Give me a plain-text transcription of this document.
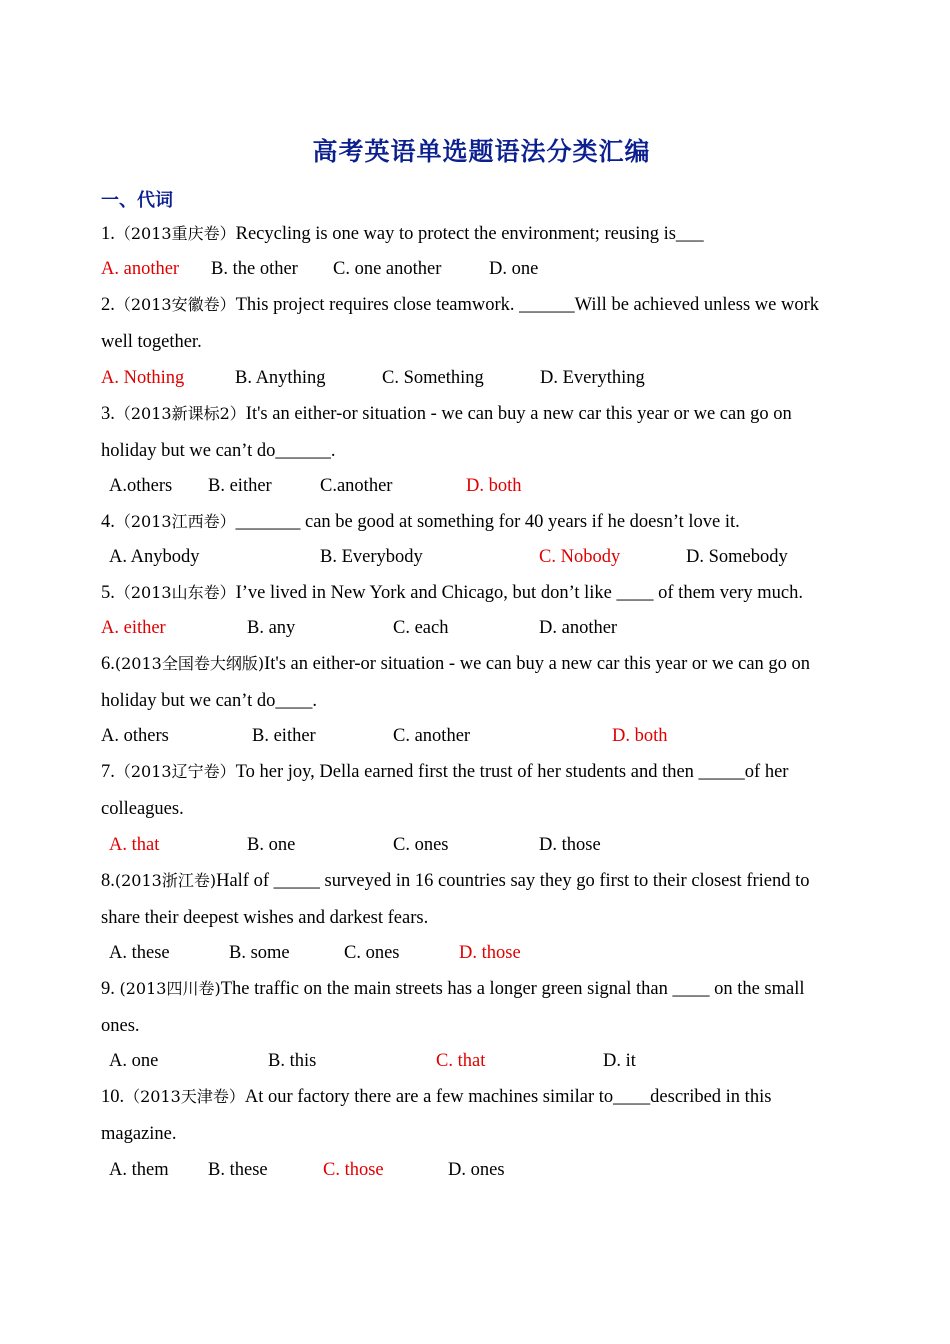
高考英语单选题语法分类汇编
一、代词
1.（2013重庆卷）Recycling is one way to protect the environment; reusing is___
A. another B. the other C. one another	D. one
2.（2013安徽卷）This project requires close teamwork. ______Will be achieved unless we work
well together.
A. Nothing	B. Anything	C. Something	D. Everything
3.（2013新课标2）It's an either-or situation - we can buy a new car this year or we can go on
holiday but we can’t do______.
A.others B. either	C.another	D. both
4.（2013江西卷）_______ can be good at something for 40 years if he doesn’t love it.
A. Anybody	B. Everybody	C. Nobody	D. Somebody
5.（2013山东卷）I’ve lived in New York and Chicago, but don’t like ____ of them very much.
A. either	B. any	C. each	D. another
6.(2013全国卷大纲版)It's an either-or situation - we can buy a new car this year or we can go on
holiday but we can’t do____.
A. others	B. either	C. another	D. both
7.（2013辽宁卷）To her joy, Della earned first the trust of her students and then _____of her
colleagues.
A. that	B. one	C. ones	D. those
8.(2013浙江卷)Half of _____ surveyed in 16 countries say they go first to their closest friend to
share their deepest wishes and darkest fears.
A. these	B. some	C. ones	D. those
9. (2013四川卷)The traffic on the main streets has a longer green signal than ____ on the small
ones.
A. one	B. this	C. that	D. it
10.（2013天津卷）At our factory there are a few machines similar to____described in this
magazine.
A. them B. these	C. those	D. ones
